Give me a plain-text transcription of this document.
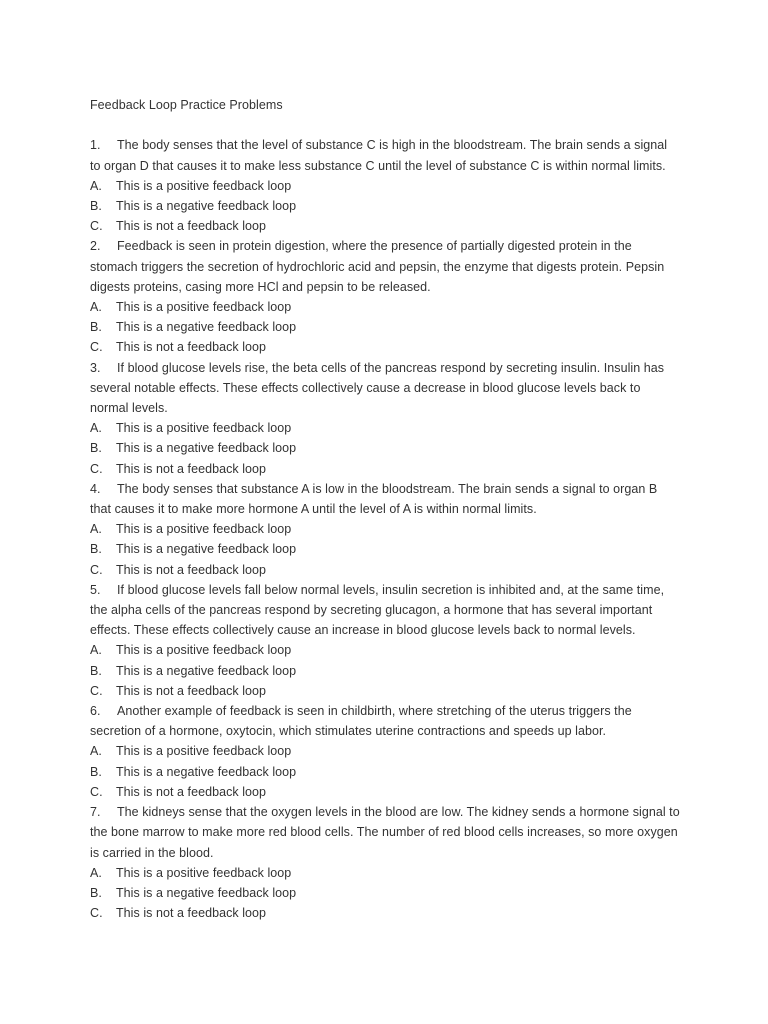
Feedback Loop Practice Problems

1. The body senses that the level of substance C is high in the bloodstream. The brain sends a signal to organ D that causes it to make less substance C until the level of substance C is within normal limits.

A. This is a positive feedback loop

B. This is a negative feedback loop

C. This is not a feedback loop

2. Feedback is seen in protein digestion, where the presence of partially digested protein in the stomach triggers the secretion of hydrochloric acid and pepsin, the enzyme that digests protein. Pepsin digests proteins, casing more HCl and pepsin to be released.

A. This is a positive feedback loop

B. This is a negative feedback loop

C. This is not a feedback loop

3. If blood glucose levels rise, the beta cells of the pancreas respond by secreting insulin. Insulin has several notable effects. These effects collectively cause a decrease in blood glucose levels back to normal levels.

A. This is a positive feedback loop

B. This is a negative feedback loop

C. This is not a feedback loop

4. The body senses that substance A is low in the bloodstream. The brain sends a signal to organ B that causes it to make more hormone A until the level of A is within normal limits.

A. This is a positive feedback loop

B. This is a negative feedback loop

C. This is not a feedback loop

5. If blood glucose levels fall below normal levels, insulin secretion is inhibited and, at the same time, the alpha cells of the pancreas respond by secreting glucagon, a hormone that has several important effects. These effects collectively cause an increase in blood glucose levels back to normal levels.

A. This is a positive feedback loop

B. This is a negative feedback loop

C. This is not a feedback loop

6. Another example of feedback is seen in childbirth, where stretching of the uterus triggers the secretion of a hormone, oxytocin, which stimulates uterine contractions and speeds up labor.

A. This is a positive feedback loop

B. This is a negative feedback loop

C. This is not a feedback loop

7. The kidneys sense that the oxygen levels in the blood are low. The kidney sends a hormone signal to the bone marrow to make more red blood cells. The number of red blood cells increases, so more oxygen is carried in the blood.

A. This is a positive feedback loop

B. This is a negative feedback loop

C. This is not a feedback loop
